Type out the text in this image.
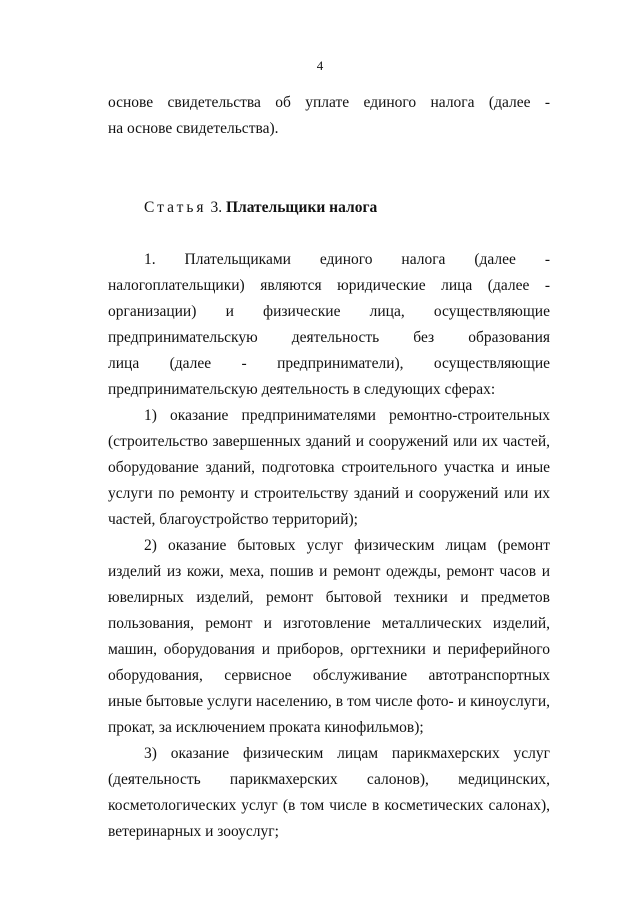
4
основе свидетельства об уплате единого налога (далее -
на основе свидетельства).
Статья 3. Плательщики налога
1. Плательщиками единого налога (далее -
налогоплательщики) являются юридические лица (далее -
организации) и физические лица, осуществляющие
предпринимательскую деятельность без образования
лица (далее - предприниматели), осуществляющие
предпринимательскую деятельность в следующих сферах:
1) оказание предпринимателями ремонтно-строительных
(строительство завершенных зданий и сооружений или их частей,
оборудование зданий, подготовка строительного участка и иные
услуги по ремонту и строительству зданий и сооружений или их
частей, благоустройство территорий);
2) оказание бытовых услуг физическим лицам (ремонт
изделий из кожи, меха, пошив и ремонт одежды, ремонт часов и
ювелирных изделий, ремонт бытовой техники и предметов
пользования, ремонт и изготовление металлических изделий,
машин, оборудования и приборов, оргтехники и периферийного
оборудования, сервисное обслуживание автотранспортных
иные бытовые услуги населению, в том числе фото- и киноуслуги,
прокат, за исключением проката кинофильмов);
3) оказание физическим лицам парикмахерских услуг
(деятельность парикмахерских салонов), медицинских,
косметологических услуг (в том числе в косметических салонах),
ветеринарных и зооуслуг;
